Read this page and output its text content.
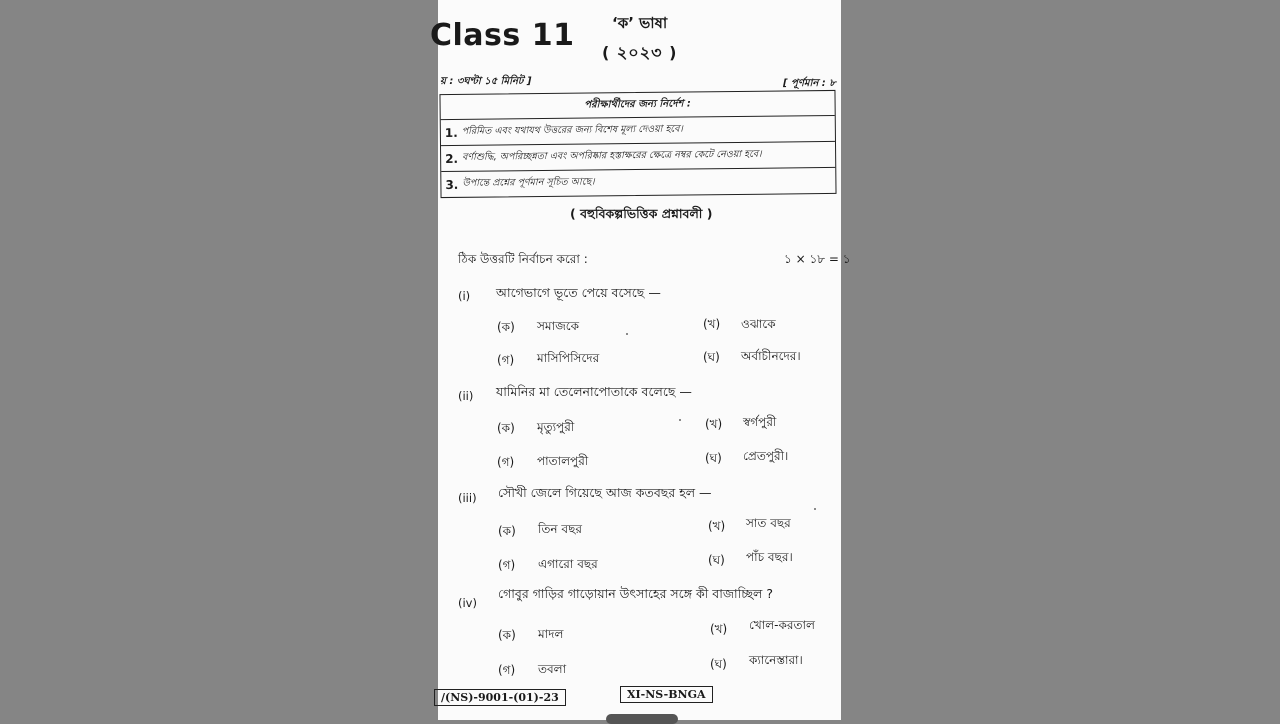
Class 11	‘ক’ ভাষা
( ২০২৩ )
য় : ৩ঘণ্টা ১৫ মিনিট ]	[ পূর্ণমান : ৮
পরীক্ষার্থীদের জন্য নির্দেশ :
1. পরিমিত এবং যথাযথ উত্তরের জন্য বিশেষ মূল্য দেওয়া হবে।
2. বর্ণাশুদ্ধি, অপরিচ্ছন্নতা এবং অপরিষ্কার হস্তাক্ষরের ক্ষেত্রে নম্বর কেটে নেওয়া হবে।
3. উপান্তে প্রশ্নের পূর্ণমান সূচিত আছে।
( বহুবিকল্পভিত্তিক প্রশ্নাবলী )
ঠিক উত্তরটি নির্বাচন করো :	১ × ১৮ = ১
(i) আগেভাগে ভূতে পেয়ে বসেছে —
(ক) সমাজকে	(খ) ওঝাকে
(গ) মাসিপিসিদের	(ঘ) অর্বাচীনদের।
(ii) যামিনির মা তেলেনাপোতাকে বলেছে —
(ক) মৃত্যুপুরী	(খ) স্বর্গপুরী
(গ) পাতালপুরী	(ঘ) প্রেতপুরী।
(iii) সৌখী জেলে গিয়েছে আজ কতবছর হল —
(ক) তিন বছর	(খ) সাত বছর
(গ) এগারো বছর	(ঘ) পাঁচ বছর।
(iv)
গোবুর গাড়ির গাড়োয়ান উৎসাহের সঙ্গে কী বাজাচ্ছিল ?
(ক) মাদল	(খ) খোল-করতাল
(গ) তবলা	(ঘ) ক্যানেস্তারা।
/(NS)-9001-(01)-23	XI-NS-BNGA
